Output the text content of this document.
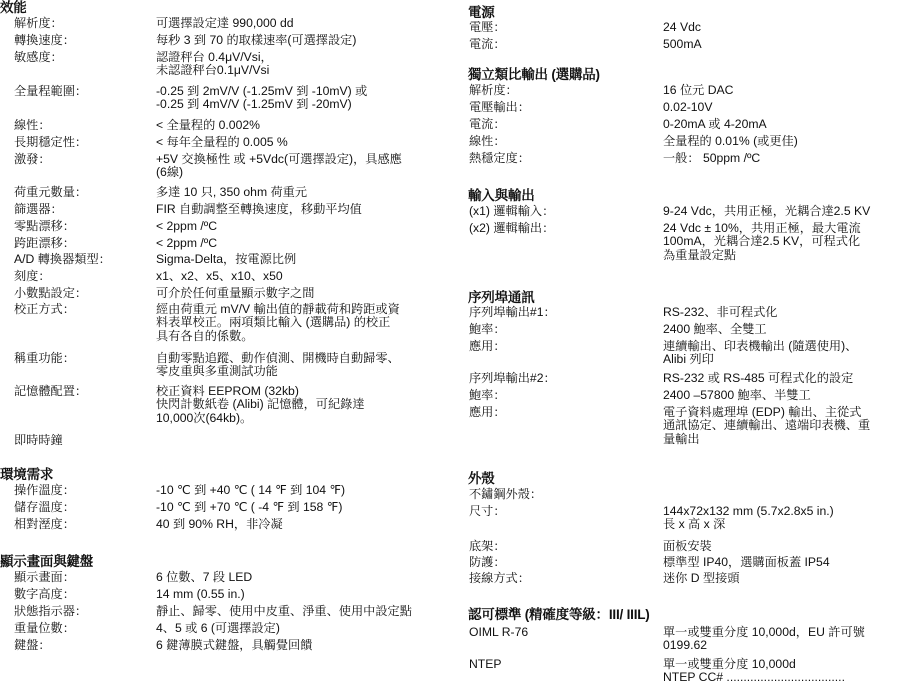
效能
解析度：	可選擇設定達 990,000 dd
轉換速度：	每秒 3 到 70 的取樣速率(可選擇設定)
敏感度：	認證秤台 0.4μV/Vsi，
未認證秤台0.1μV/Vsi
全量程範圍：	-0.25 到 2mV/V (-1.25mV 到 -10mV) 或
-0.25 到 4mV/V (-1.25mV 到 -20mV)
線性：	< 全量程的 0.002%
長期穩定性：	< 每年全量程的 0.005 %
激發：	+5V 交換極性 或 +5Vdc(可選擇設定)，具感應
(6線)
荷重元數量：	多達 10 只, 350 ohm 荷重元
篩選器：	FIR 自動調整至轉換速度，移動平均值
零點漂移：	< 2ppm /ºC
跨距漂移：	< 2ppm /ºC
A/D 轉換器類型：	Sigma-Delta，按電源比例
刻度：	x1、x2、x5、x10、x50
小數點設定：	可介於任何重量顯示數字之間
校正方式：	經由荷重元 mV/V 輸出值的靜載荷和跨距或資
料表單校正。兩項類比輸入 (選購品) 的校正
具有各自的係數。
稱重功能：	自動零點追蹤、動作偵測、開機時自動歸零、
零皮重與多重測試功能
記憶體配置：	校正資料 EEPROM (32kb)
快閃計數紙卷 (Alibi) 記憶體，可紀錄達
10,000次(64kb)。
即時時鐘
環境需求
操作溫度：	-10 ℃ 到 +40 ℃ ( 14 ℉ 到 104 ℉)
儲存溫度：	-10 ℃ 到 +70 ℃ ( -4 ℉ 到 158 ℉)
相對溼度：	40 到 90% RH，非冷凝
顯示畫面與鍵盤
顯示畫面：	6 位數、7 段 LED
數字高度：	14 mm (0.55 in.)
狀態指示器：	靜止、歸零、使用中皮重、淨重、使用中設定點
重量位數：	4、5 或 6 (可選擇設定)
鍵盤：	6 鍵薄膜式鍵盤，具觸覺回饋
電源
電壓：	24 Vdc
電流：	500mA
獨立類比輸出 (選購品)
解析度：	16 位元 DAC
電壓輸出：	0.02-10V
電流：	0-20mA 或 4-20mA
線性：	全量程的 0.01% (或更佳)
熱穩定度：	一般： 50ppm /ºC
輸入與輸出
(x1) 邏輯輸入：	9-24 Vdc，共用正極，光耦合達2.5 KV
(x2) 邏輯輸出：	24 Vdc ± 10%，共用正極，最大電流
100mA，光耦合達2.5 KV，可程式化
為重量設定點
序列埠通訊
序列埠輸出#1：	RS-232、非可程式化
鮑率：	2400 鮑率、全雙工
應用：	連續輸出、印表機輸出 (隨選使用)、
Alibi 列印
序列埠輸出#2：	RS-232 或 RS-485 可程式化的設定
鮑率：	2400 –57800 鮑率、半雙工
應用：	電子資料處理埠 (EDP) 輸出、主從式
通訊協定、連續輸出、遠端印表機、重
量輸出
外殼
不鏽鋼外殼：
尺寸：	144x72x132 mm (5.7x2.8x5 in.)
長 x 高 x 深
底架：	面板安裝
防護：	標準型 IP40，選購面板蓋 IP54
接線方式：	迷你 D 型接頭
認可標準 (精確度等級：III/ IIIL)
OIML R-76	單一或雙重分度 10,000d，EU 許可號
0199.62
NTEP	單一或雙重分度 10,000d
NTEP CC# ...................................
